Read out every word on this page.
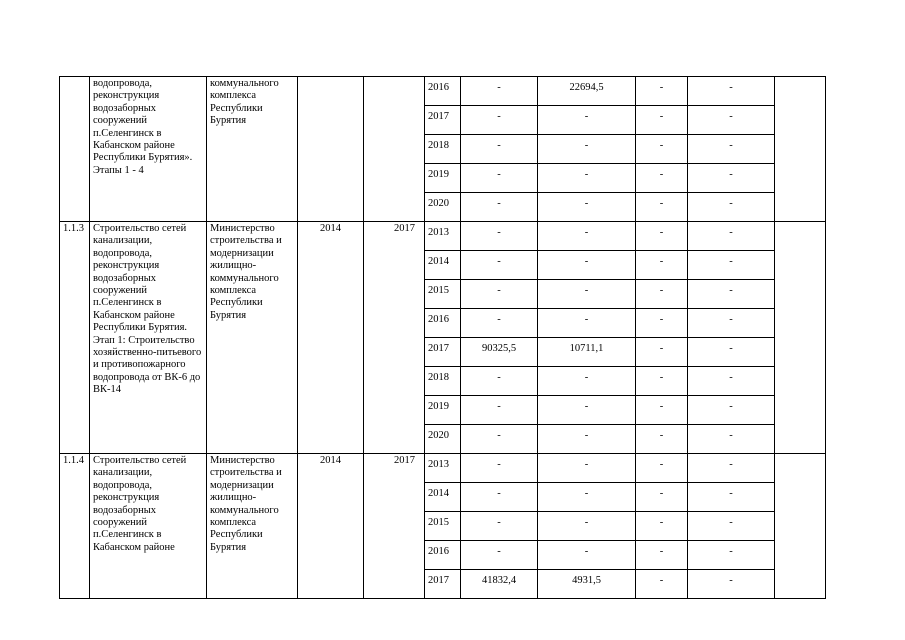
	водопровода, реконструкция водозаборных сооружений п.Селенгинск в Кабанском районе Республики Бурятия». Этапы 1 - 4	коммунального комплекса Республики Бурятия			2016	-	22694,5	-	-	
					2017	-	-	-	-	
					2018	-	-	-	-	
					2019	-	-	-	-	
					2020	-	-	-	-	
1.1.3	Строительство сетей канализации, водопровода, реконструкция водозаборных сооружений п.Селенгинск в Кабанском районе Республики Бурятия. Этап 1: Строительство хозяйственно-питьевого и противопожарного водопровода от ВК-6 до ВК-14	Министерство строительства и модернизации жилищно-коммунального комплекса Республики Бурятия	2014	2017	2013	-	-	-	-	
					2014	-	-	-	-	
					2015	-	-	-	-	
					2016	-	-	-	-	
					2017	90325,5	10711,1	-	-	
					2018	-	-	-	-	
					2019	-	-	-	-	
					2020	-	-	-	-	
1.1.4	Строительство сетей канализации, водопровода, реконструкция водозаборных сооружений п.Селенгинск в Кабанском районе	Министерство строительства и модернизации жилищно-коммунального комплекса Республики Бурятия	2014	2017	2013	-	-	-	-	
					2014	-	-	-	-	
					2015	-	-	-	-	
					2016	-	-	-	-	
					2017	41832,4	4931,5	-	-	
